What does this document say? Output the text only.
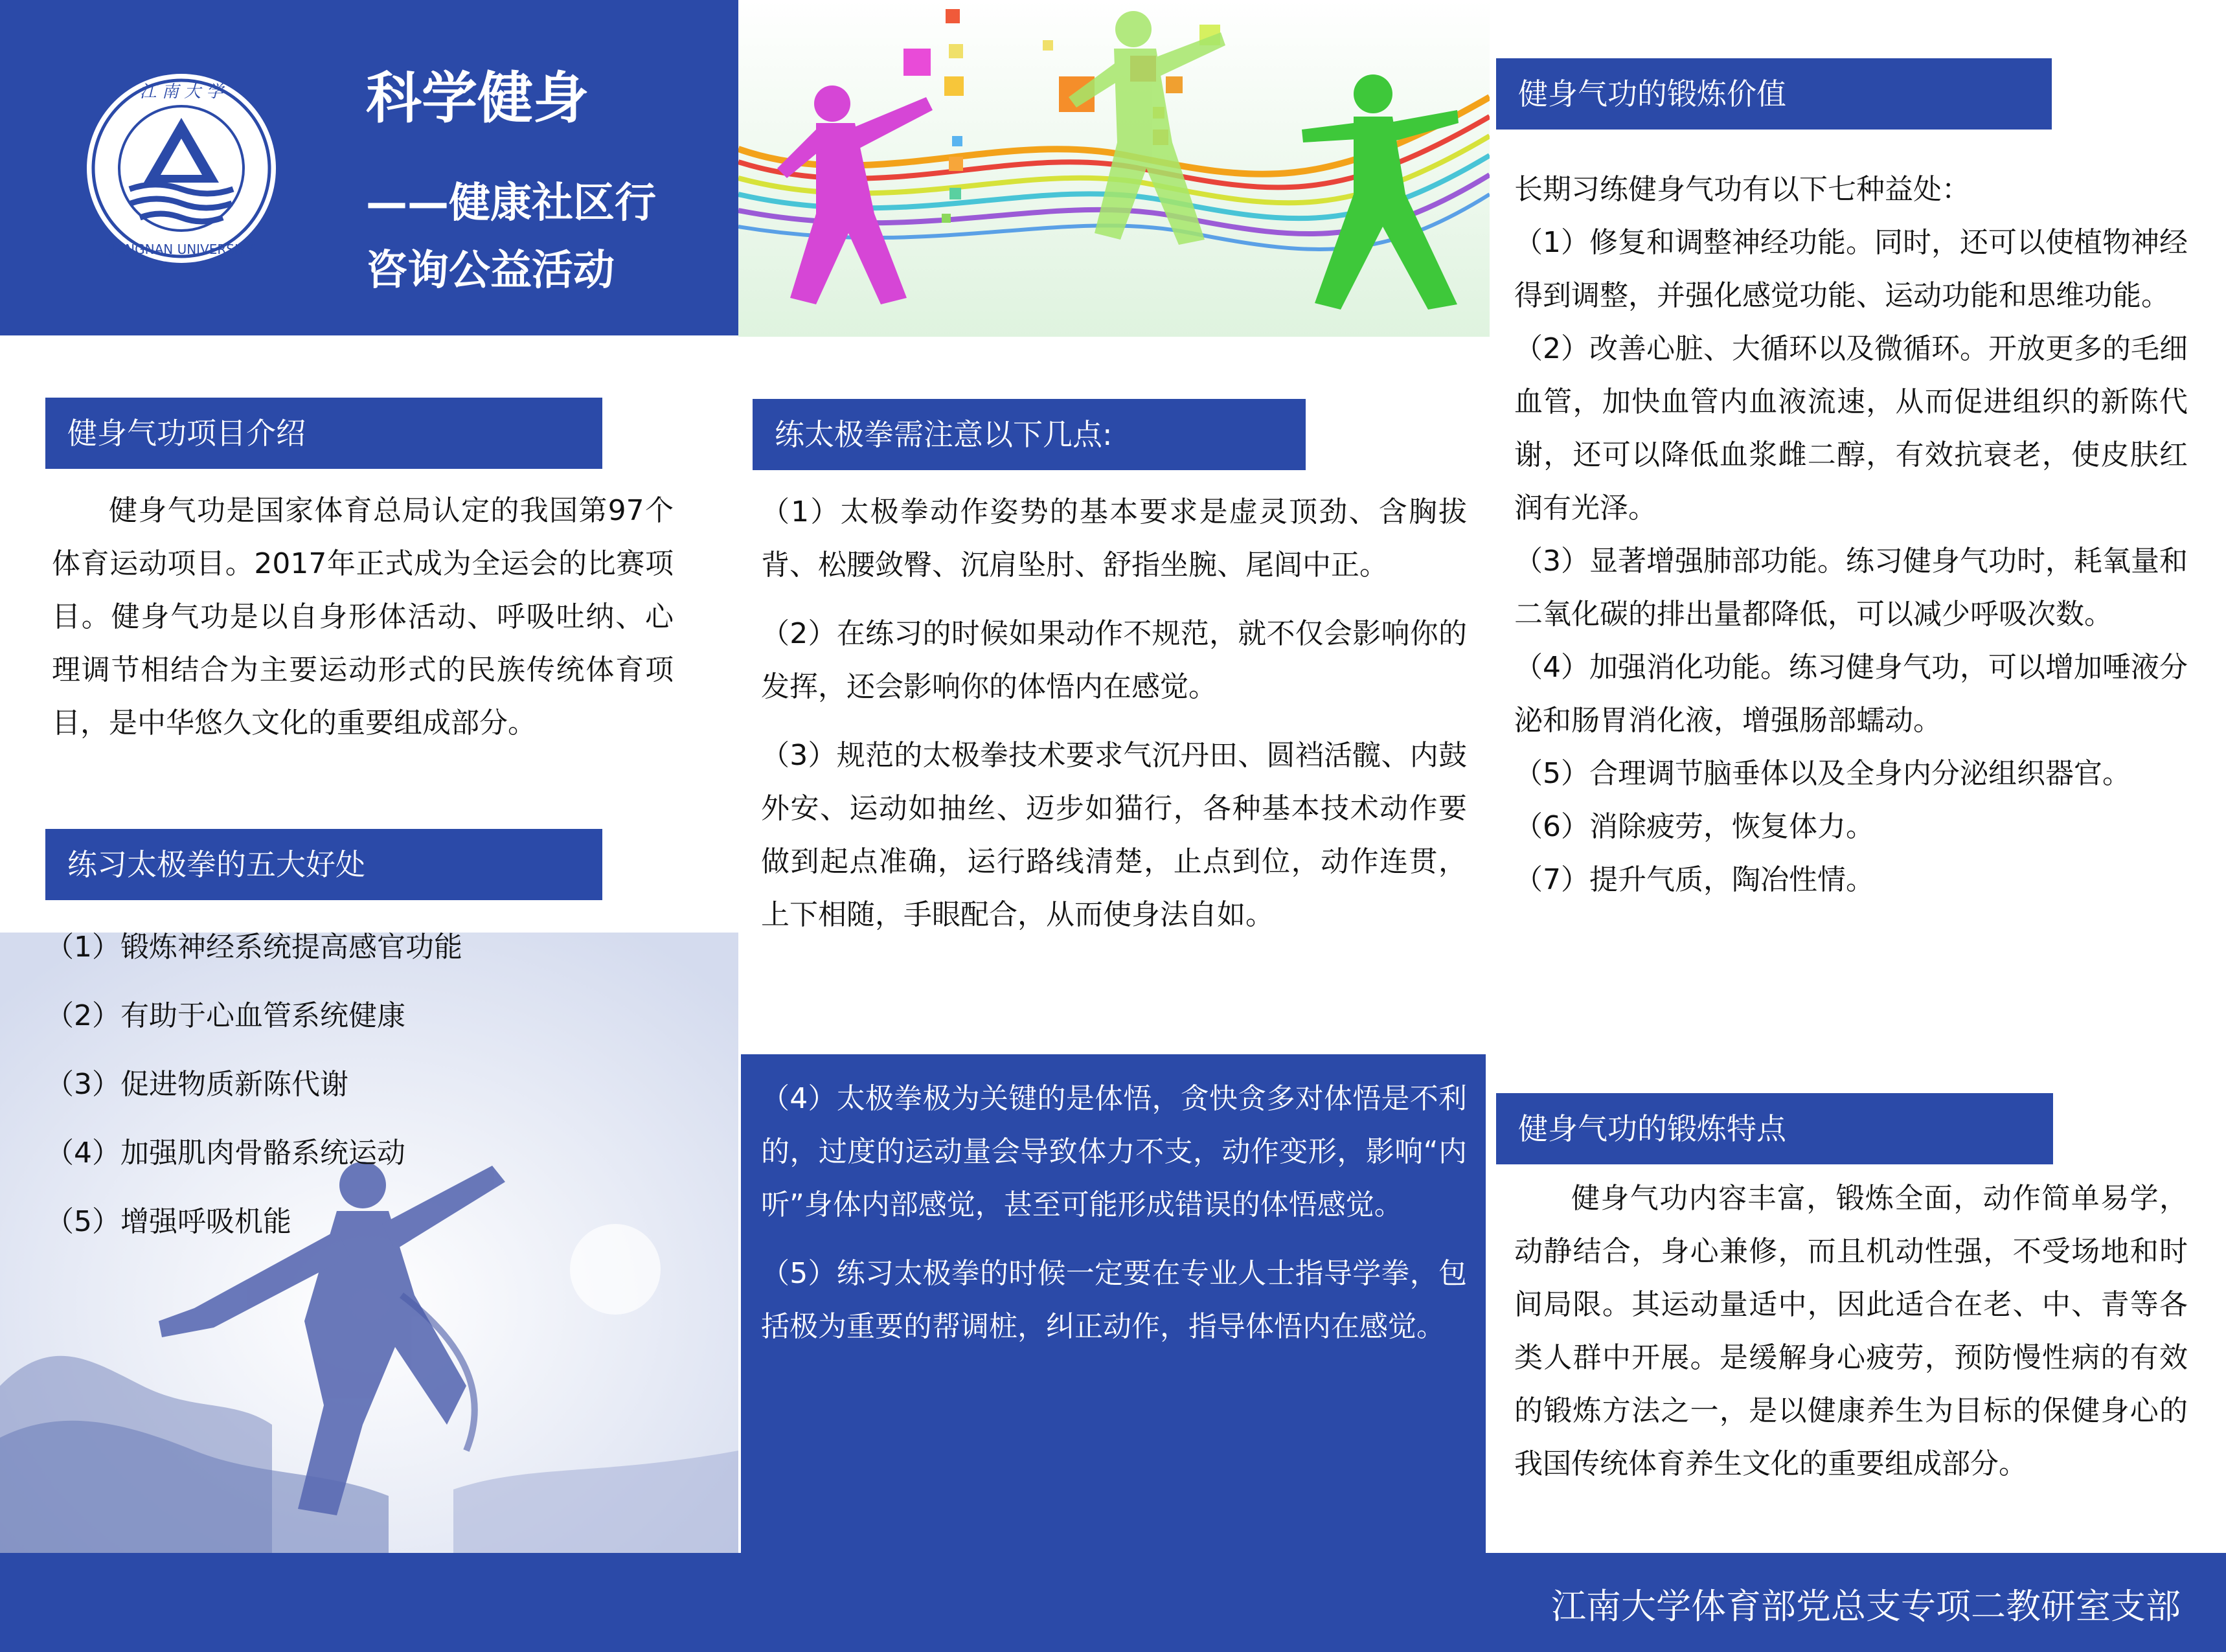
江 南 大 学
JIANGNAN UNIVERSITY
科学健身
——健康社区行
咨询公益活动
健身气功项目介绍
健身气功是国家体育总局认定的我国第97个体育运动项目。2017年正式成为全运会的比赛项目。健身气功是以自身形体活动、呼吸吐纳、心理调节相结合为主要运动形式的民族传统体育项目，是中华悠久文化的重要组成部分。
练习太极拳的五大好处
（1）锻炼神经系统提高感官功能
（2）有助于心血管系统健康
（3）促进物质新陈代谢
（4）加强肌肉骨骼系统运动
（5）增强呼吸机能
练太极拳需注意以下几点:

（1）太极拳动作姿势的基本要求是虚灵顶劲、含胸拔背、松腰敛臀、沉肩坠肘、舒指坐腕、尾闾中正。

（2）在练习的时候如果动作不规范，就不仅会影响你的发挥，还会影响你的体悟内在感觉。

（3）规范的太极拳技术要求气沉丹田、圆裆活髋、内鼓外安、运动如抽丝、迈步如猫行，各种基本技术动作要做到起点准确，运行路线清楚，止点到位，动作连贯，上下相随，手眼配合，从而使身法自如。

（4）太极拳极为关键的是体悟，贪快贪多对体悟是不利的，过度的运动量会导致体力不支，动作变形，影响“内听”身体内部感觉，甚至可能形成错误的体悟感觉。

（5）练习太极拳的时候一定要在专业人士指导学拳，包括极为重要的帮调桩，纠正动作，指导体悟内在感觉。

健身气功的锻炼价值

长期习练健身气功有以下七种益处：

（1）修复和调整神经功能。同时，还可以使植物神经得到调整，并强化感觉功能、运动功能和思维功能。

（2）改善心脏、大循环以及微循环。开放更多的毛细血管，加快血管内血液流速，从而促进组织的新陈代谢，还可以降低血浆雌二醇，有效抗衰老，使皮肤红润有光泽。

（3）显著增强肺部功能。练习健身气功时，耗氧量和二氧化碳的排出量都降低，可以减少呼吸次数。

（4）加强消化功能。练习健身气功，可以增加唾液分泌和肠胃消化液，增强肠部蠕动。

（5）合理调节脑垂体以及全身内分泌组织器官。

（6）消除疲劳，恢复体力。

（7）提升气质，陶冶性情。

健身气功的锻炼特点
健身气功内容丰富，锻炼全面，动作简单易学，动静结合，身心兼修，而且机动性强，不受场地和时间局限。其运动量适中，因此适合在老、中、青等各类人群中开展。是缓解身心疲劳，预防慢性病的有效的锻炼方法之一，是以健康养生为目标的保健身心的我国传统体育养生文化的重要组成部分。
江南大学体育部党总支专项二教研室支部
